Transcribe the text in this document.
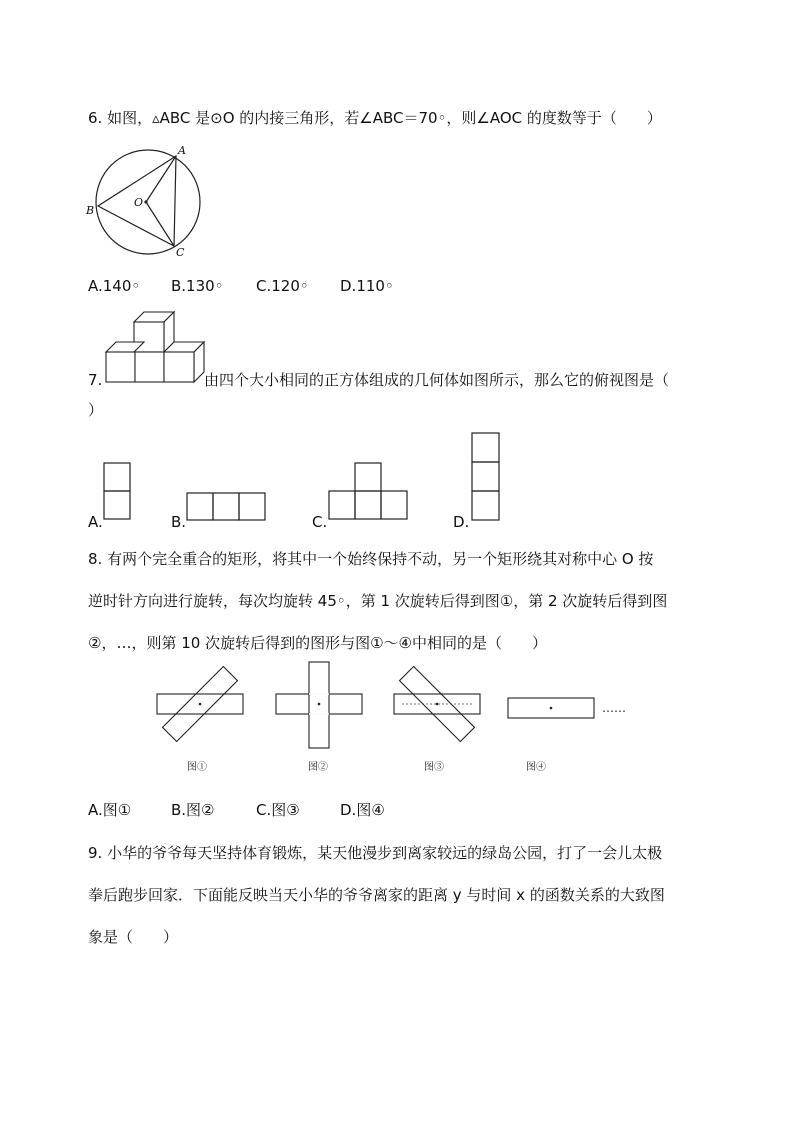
6. 如图，▵ABC 是⊙O 的内接三角形，若∠ABC＝70◦，则∠AOC 的度数等于（　　）
A
B
C
O
A.140◦ B.130◦ C.120◦ D.110◦
7.	由四个大小相同的正方体组成的几何体如图所示，那么它的俯视图是（
）
A.	B.	C.	D.
8. 有两个完全重合的矩形，将其中一个始终保持不动，另一个矩形绕其对称中心 O 按
逆时针方向进行旋转，每次均旋转 45◦，第 1 次旋转后得到图①，第 2 次旋转后得到图
②，…，则第 10 次旋转后得到的图形与图①～④中相同的是（　　）
图①	图②	图③
……
图④
A.图①	B.图②	C.图③	D.图④
9. 小华的爷爷每天坚持体育锻炼，某天他漫步到离家较远的绿岛公园，打了一会儿太极
拳后跑步回家．下面能反映当天小华的爷爷离家的距离 y 与时间 x 的函数关系的大致图
象是（　　）
